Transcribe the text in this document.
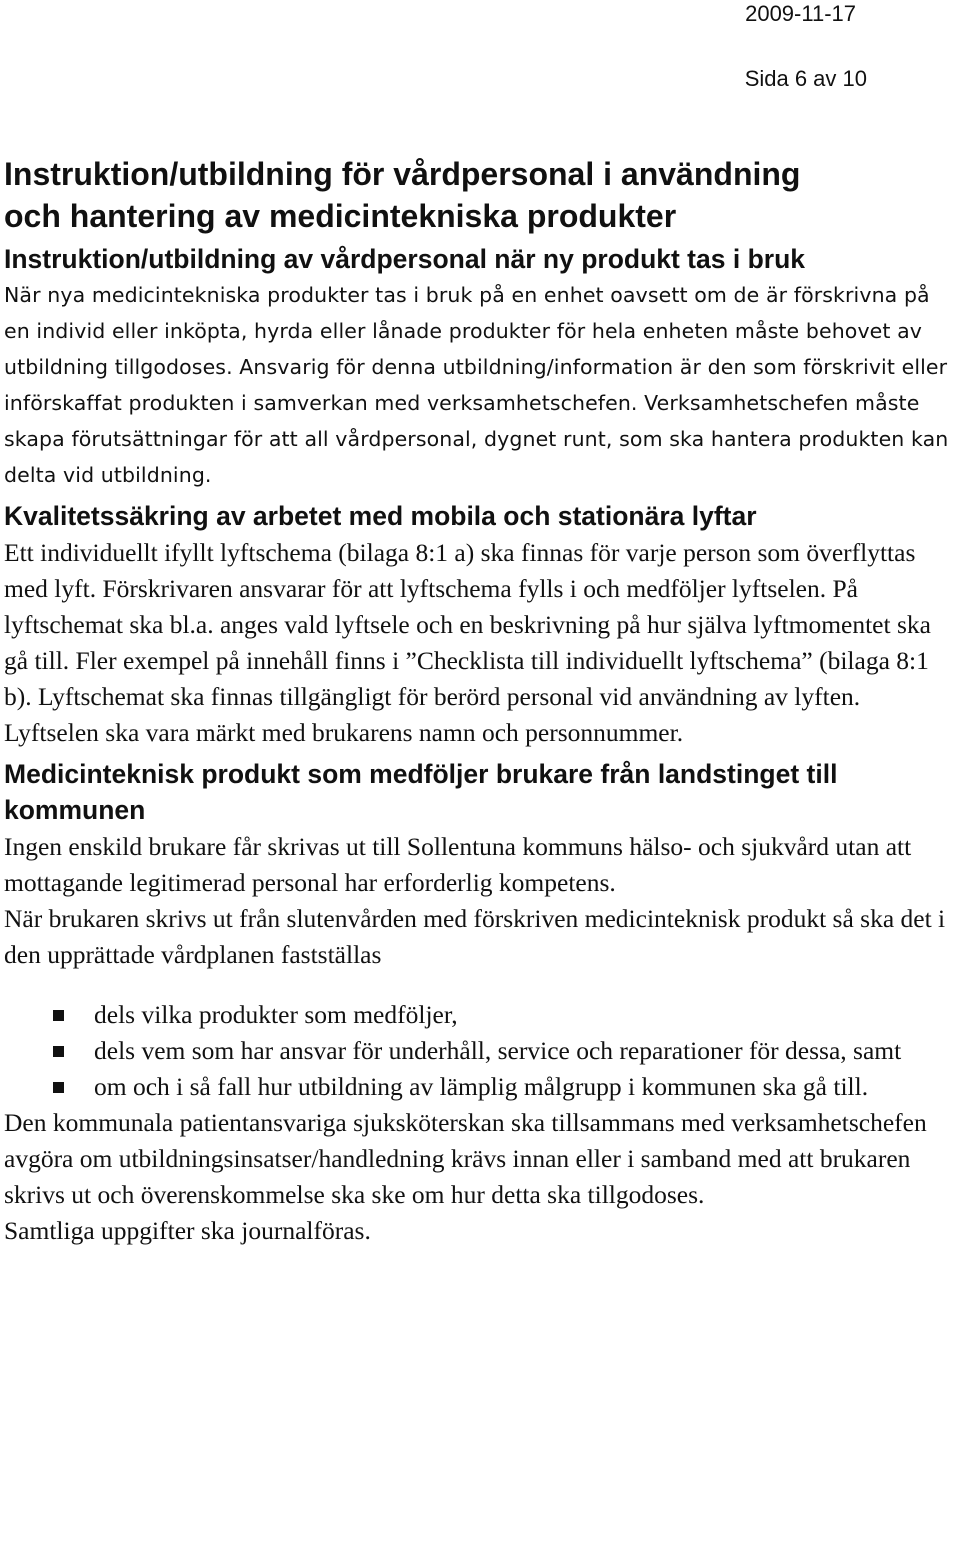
2009-11-17
Sida 6 av 10
Instruktion/utbildning för vårdpersonal i användning
och hantering av medicintekniska produkter
Instruktion/utbildning av vårdpersonal när ny produkt tas i bruk

När nya medicintekniska produkter tas i bruk på en enhet oavsett om de är förskrivna på en individ eller inköpta, hyrda eller lånade produkter för hela enheten måste behovet av utbildning tillgodoses. Ansvarig för denna utbildning/information är den som förskrivit eller införskaffat produkten i samverkan med verksamhetschefen. Verksamhetschefen måste skapa förutsättningar för att all vårdpersonal, dygnet runt, som ska hantera produkten kan delta vid utbildning.

Kvalitetssäkring av arbetet med mobila och stationära lyftar

Ett individuellt ifyllt lyftschema (bilaga 8:1 a) ska finnas för varje person som överflyttas med lyft. Förskrivaren ansvarar för att lyftschema fylls i och medföljer lyftselen. På lyftschemat ska bl.a. anges vald lyftsele och en beskrivning på hur själva lyftmomentet ska gå till. Fler exempel på innehåll finns i ”Checklista till individuellt lyftschema” (bilaga 8:1 b). Lyftschemat ska finnas tillgängligt för berörd personal vid användning av lyften. Lyftselen ska vara märkt med brukarens namn och personnummer.

Medicinteknisk produkt som medföljer brukare från landstinget till kommunen

Ingen enskild brukare får skrivas ut till Sollentuna kommuns hälso- och sjukvård utan att mottagande legitimerad personal har erforderlig kompetens.

När brukaren skrivs ut från slutenvården med förskriven medicinteknisk produkt så ska det i den upprättade vårdplanen fastställas

dels vilka produkter som medföljer,
dels vem som har ansvar för underhåll, service och reparationer för dessa, samt
om och i så fall hur utbildning av lämplig målgrupp i kommunen ska gå till.

Den kommunala patientansvariga sjuksköterskan ska tillsammans med verksamhetschefen avgöra om utbildningsinsatser/handledning krävs innan eller i samband med att brukaren skrivs ut och överenskommelse ska ske om hur detta ska tillgodoses.

Samtliga uppgifter ska journalföras.
